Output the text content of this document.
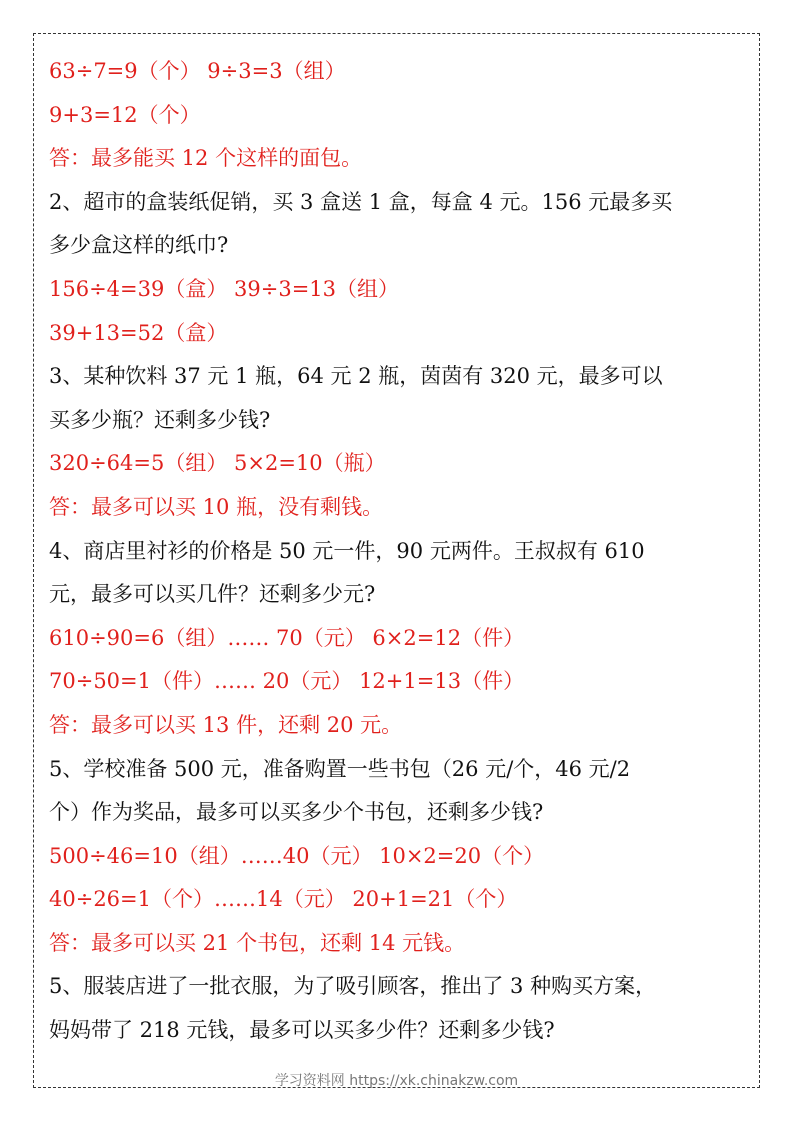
63÷7=9（个） 9÷3=3（组）
9+3=12（个）
答：最多能买 12 个这样的面包。
2、超市的盒装纸促销，买 3 盒送 1 盒，每盒 4 元。156 元最多买
多少盒这样的纸巾?
156÷4=39（盒） 39÷3=13（组）
39+13=52（盒）
3、某种饮料 37 元 1 瓶，64 元 2 瓶，茵茵有 320 元，最多可以
买多少瓶？还剩多少钱?
320÷64=5（组） 5×2=10（瓶）
答：最多可以买 10 瓶，没有剩钱。
4、商店里衬衫的价格是 50 元一件，90 元两件。王叔叔有 610
元，最多可以买几件？还剩多少元?
610÷90=6（组）…… 70（元） 6×2=12（件）
70÷50=1（件）…… 20（元） 12+1=13（件）
答：最多可以买 13 件，还剩 20 元。
5、学校准备 500 元，准备购置一些书包（26 元/个，46 元/2
个）作为奖品，最多可以买多少个书包，还剩多少钱?
500÷46=10（组）……40（元） 10×2=20（个）
40÷26=1（个）……14（元） 20+1=21（个）
答：最多可以买 21 个书包，还剩 14 元钱。
5、服装店进了一批衣服，为了吸引顾客，推出了 3 种购买方案，
妈妈带了 218 元钱，最多可以买多少件？还剩多少钱?
学习资料网 https://xk.chinakzw.com
